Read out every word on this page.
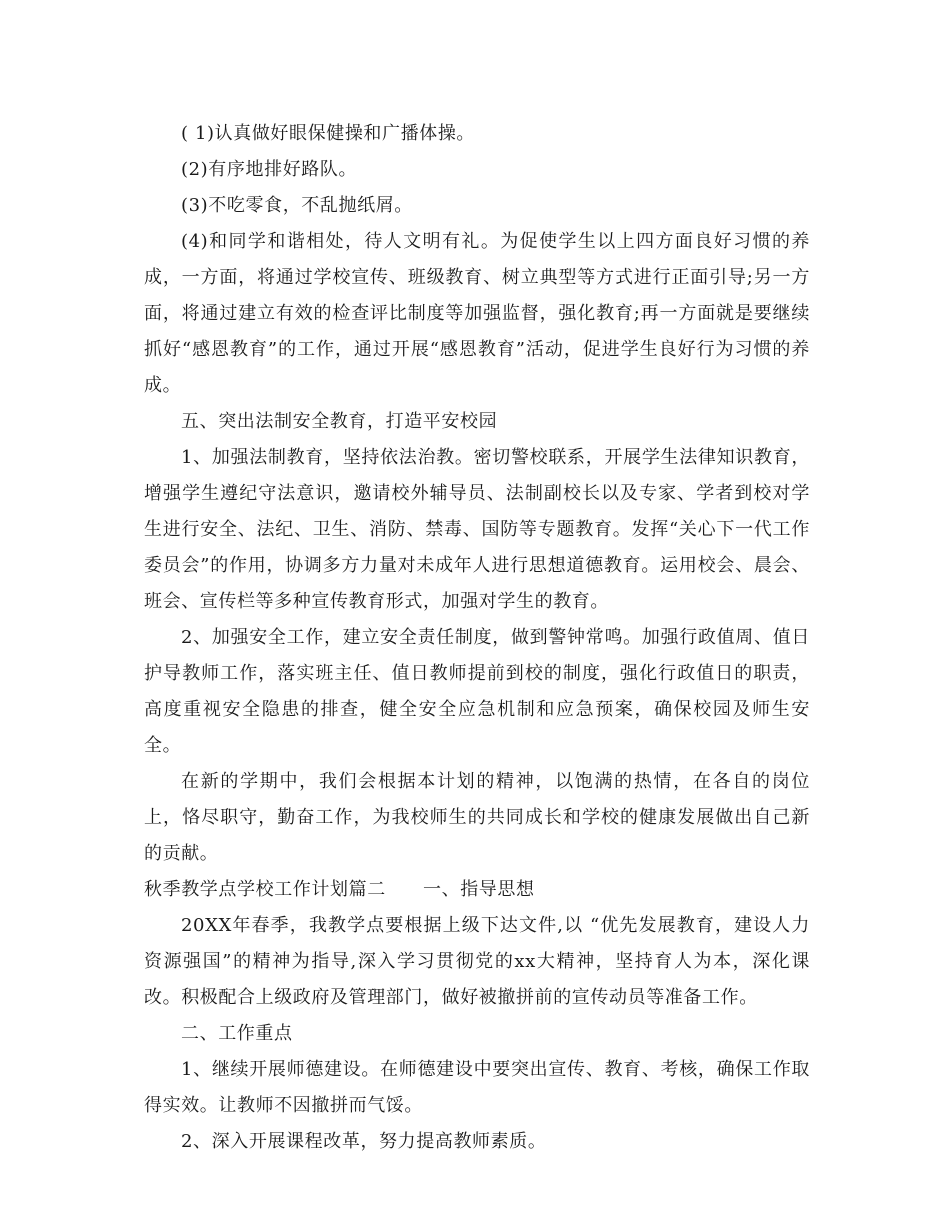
( 1)认真做好眼保健操和广播体操。

(2)有序地排好路队。

(3)不吃零食，不乱抛纸屑。

(4)和同学和谐相处，待人文明有礼。为促使学生以上四方面良好习惯的养成，一方面，将通过学校宣传、班级教育、树立典型等方式进行正面引导;另一方面，将通过建立有效的检查评比制度等加强监督，强化教育;再一方面就是要继续抓好“感恩教育”的工作，通过开展“感恩教育”活动，促进学生良好行为习惯的养成。

五、突出法制安全教育，打造平安校园

1、加强法制教育，坚持依法治教。密切警校联系，开展学生法律知识教育，增强学生遵纪守法意识，邀请校外辅导员、法制副校长以及专家、学者到校对学生进行安全、法纪、卫生、消防、禁毒、国防等专题教育。发挥“关心下一代工作委员会”的作用，协调多方力量对未成年人进行思想道德教育。运用校会、晨会、班会、宣传栏等多种宣传教育形式，加强对学生的教育。

2、加强安全工作，建立安全责任制度，做到警钟常鸣。加强行政值周、值日护导教师工作，落实班主任、值日教师提前到校的制度，强化行政值日的职责，高度重视安全隐患的排查，健全安全应急机制和应急预案，确保校园及师生安全。

在新的学期中，我们会根据本计划的精神，以饱满的热情，在各自的岗位上，恪尽职守，勤奋工作，为我校师生的共同成长和学校的健康发展做出自己新的贡献。

秋季教学点学校工作计划篇二　　一、指导思想

20XX年春季，我教学点要根据上级下达文件,以 “优先发展教育，建设人力资源强国”的精神为指导,深入学习贯彻党的xx大精神，坚持育人为本，深化课改。积极配合上级政府及管理部门，做好被撤拼前的宣传动员等准备工作。

二、工作重点

1、继续开展师德建设。在师德建设中要突出宣传、教育、考核，确保工作取得实效。让教师不因撤拼而气馁。

2、深入开展课程改革，努力提高教师素质。
